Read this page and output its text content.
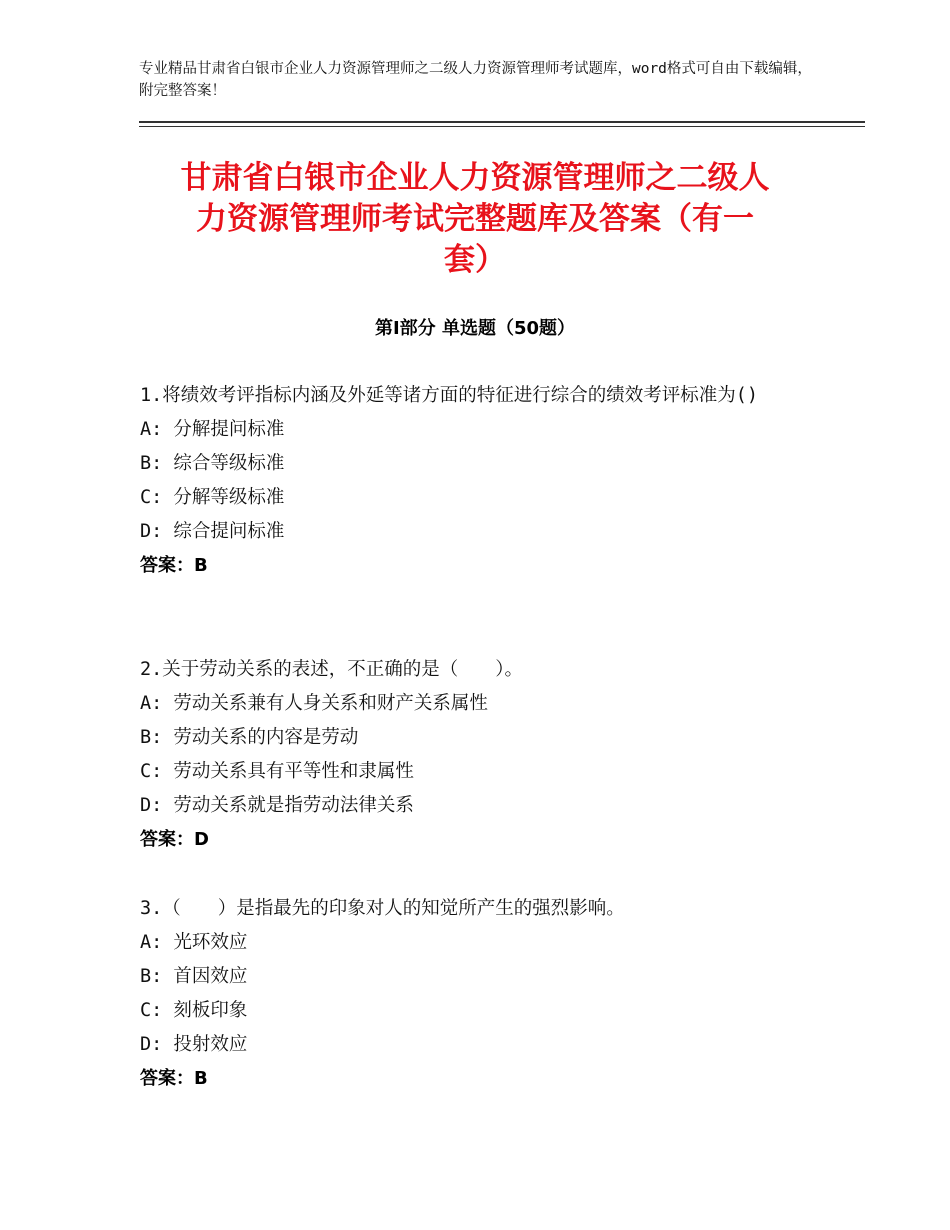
专业精品甘肃省白银市企业人力资源管理师之二级人力资源管理师考试题库，word格式可自由下载编辑，附完整答案！
甘肃省白银市企业人力资源管理师之二级人
力资源管理师考试完整题库及答案（有一
套）
第Ⅰ部分 单选题（50题）

1.将绩效考评指标内涵及外延等诸方面的特征进行综合的绩效考评标准为()

A: 分解提问标准

B: 综合等级标准

C: 分解等级标准

D: 综合提问标准

答案：B

2.关于劳动关系的表述，不正确的是（　　）。

A: 劳动关系兼有人身关系和财产关系属性

B: 劳动关系的内容是劳动

C: 劳动关系具有平等性和隶属性

D: 劳动关系就是指劳动法律关系

答案：D

3.（　　）是指最先的印象对人的知觉所产生的强烈影响。

A: 光环效应

B: 首因效应

C: 刻板印象

D: 投射效应

答案：B
